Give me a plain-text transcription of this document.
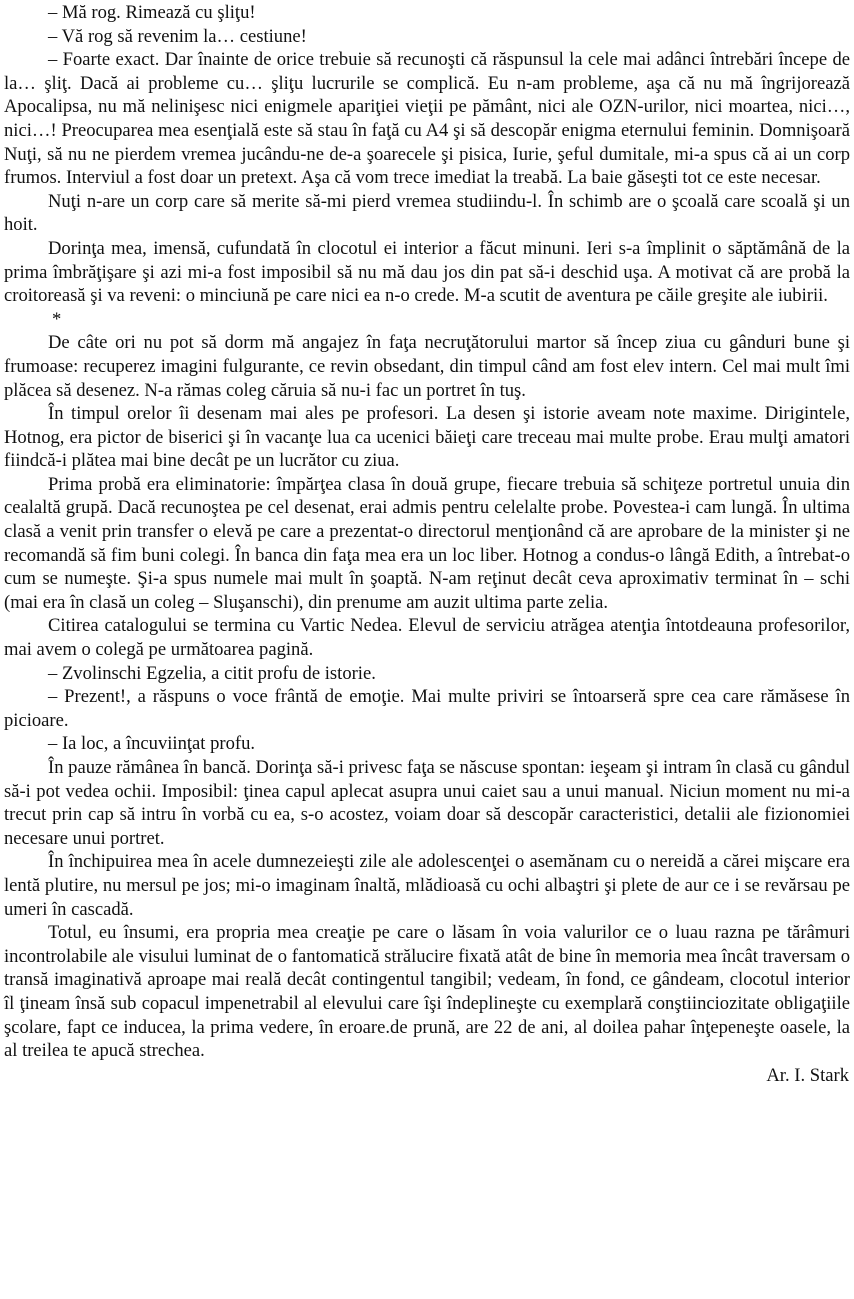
– Mă rog. Rimează cu şliţu!

– Vă rog să revenim la… cestiune!

– Foarte exact. Dar înainte de orice trebuie să recunoşti că răspunsul la cele mai adânci întrebări începe de la… şliţ. Dacă ai probleme cu… şliţu lucrurile se complică. Eu n-am probleme, aşa că nu mă îngrijorează Apocalipsa, nu mă nelinişesc nici enigmele apariţiei vieţii pe pământ, nici ale OZN-urilor, nici moartea, nici…, nici…! Preocuparea mea esenţială este să stau în faţă cu A4 şi să descopăr enigma eternului feminin. Domnişoară Nuţi, să nu ne pierdem vremea jucându-ne de-a şoarecele şi pisica, Iurie, şeful dumitale, mi-a spus că ai un corp frumos. Interviul a fost doar un pretext. Aşa că vom trece imediat la treabă. La baie găseşti tot ce este necesar.

Nuţi n-are un corp care să merite să-mi pierd vremea studiindu-l. În schimb are o şcoală care scoală şi un hoit.

Dorinţa mea, imensă, cufundată în clocotul ei interior a făcut minuni. Ieri s-a împlinit o săptămână de la prima îmbrăţişare şi azi mi-a fost imposibil să nu mă dau jos din pat să-i deschid uşa. A motivat că are probă la croitoreasă şi va reveni: o minciună pe care nici ea n-o crede. M-a scutit de aventura pe căile greşite ale iubirii.

*

De câte ori nu pot să dorm mă angajez în faţa necruţătorului martor să încep ziua cu gânduri bune şi frumoase: recuperez imagini fulgurante, ce revin obsedant, din timpul când am fost elev intern. Cel mai mult îmi plăcea să desenez. N-a rămas coleg căruia să nu-i fac un portret în tuş.

În timpul orelor îi desenam mai ales pe profesori. La desen şi istorie aveam note maxime. Dirigintele, Hotnog, era pictor de biserici şi în vacanţe lua ca ucenici băieţi care treceau mai multe probe. Erau mulţi amatori fiindcă-i plătea mai bine decât pe un lucrător cu ziua.

Prima probă era eliminatorie: împărţea clasa în două grupe, fiecare trebuia să schiţeze portretul unuia din cealaltă grupă. Dacă recunoştea pe cel desenat, erai admis pentru celelalte probe. Povestea-i cam lungă. În ultima clasă a venit prin transfer o elevă pe care a prezentat-o directorul menţionând că are aprobare de la minister şi ne recomandă să fim buni colegi. În banca din faţa mea era un loc liber. Hotnog a condus-o lângă Edith, a întrebat-o cum se numeşte. Şi-a spus numele mai mult în şoaptă. N-am reţinut decât ceva aproximativ terminat în – schi (mai era în clasă un coleg – Sluşanschi), din prenume am auzit ultima parte zelia.

Citirea catalogului se termina cu Vartic Nedea. Elevul de serviciu atrăgea atenţia întotdeauna profesorilor, mai avem o colegă pe următoarea pagină.

– Zvolinschi Egzelia, a citit profu de istorie.

– Prezent!, a răspuns o voce frântă de emoţie. Mai multe priviri se întoarseră spre cea care rămăsese în picioare.

– Ia loc, a încuviinţat profu.

În pauze rămânea în bancă. Dorinţa să-i privesc faţa se născuse spontan: ieşeam şi intram în clasă cu gândul să-i pot vedea ochii. Imposibil: ţinea capul aplecat asupra unui caiet sau a unui manual. Niciun moment nu mi-a trecut prin cap să intru în vorbă cu ea, s-o acostez, voiam doar să descopăr caracteristici, detalii ale fizionomiei necesare unui portret.

În închipuirea mea în acele dumnezeieşti zile ale adolescenţei o asemănam cu o nereidă a cărei mişcare era lentă plutire, nu mersul pe jos; mi-o imaginam înaltă, mlădioasă cu ochi albaştri şi plete de aur ce i se revărsau pe umeri în cascadă.

Totul, eu însumi, era propria mea creaţie pe care o lăsam în voia valurilor ce o luau razna pe tărâmuri incontrolabile ale visului luminat de o fantomatică strălucire fixată atât de bine în memoria mea încât traversam o transă imaginativă aproape mai reală decât contingentul tangibil; vedeam, în fond, ce gândeam, clocotul interior îl ţineam însă sub copacul impenetrabil al elevului care îşi îndeplineşte cu exemplară conştiinciozitate obligaţiile şcolare, fapt ce inducea, la prima vedere, în eroare.de prună, are 22 de ani, al doilea pahar înţepeneşte oasele, la al treilea te apucă strechea.

Ar. I. Stark
